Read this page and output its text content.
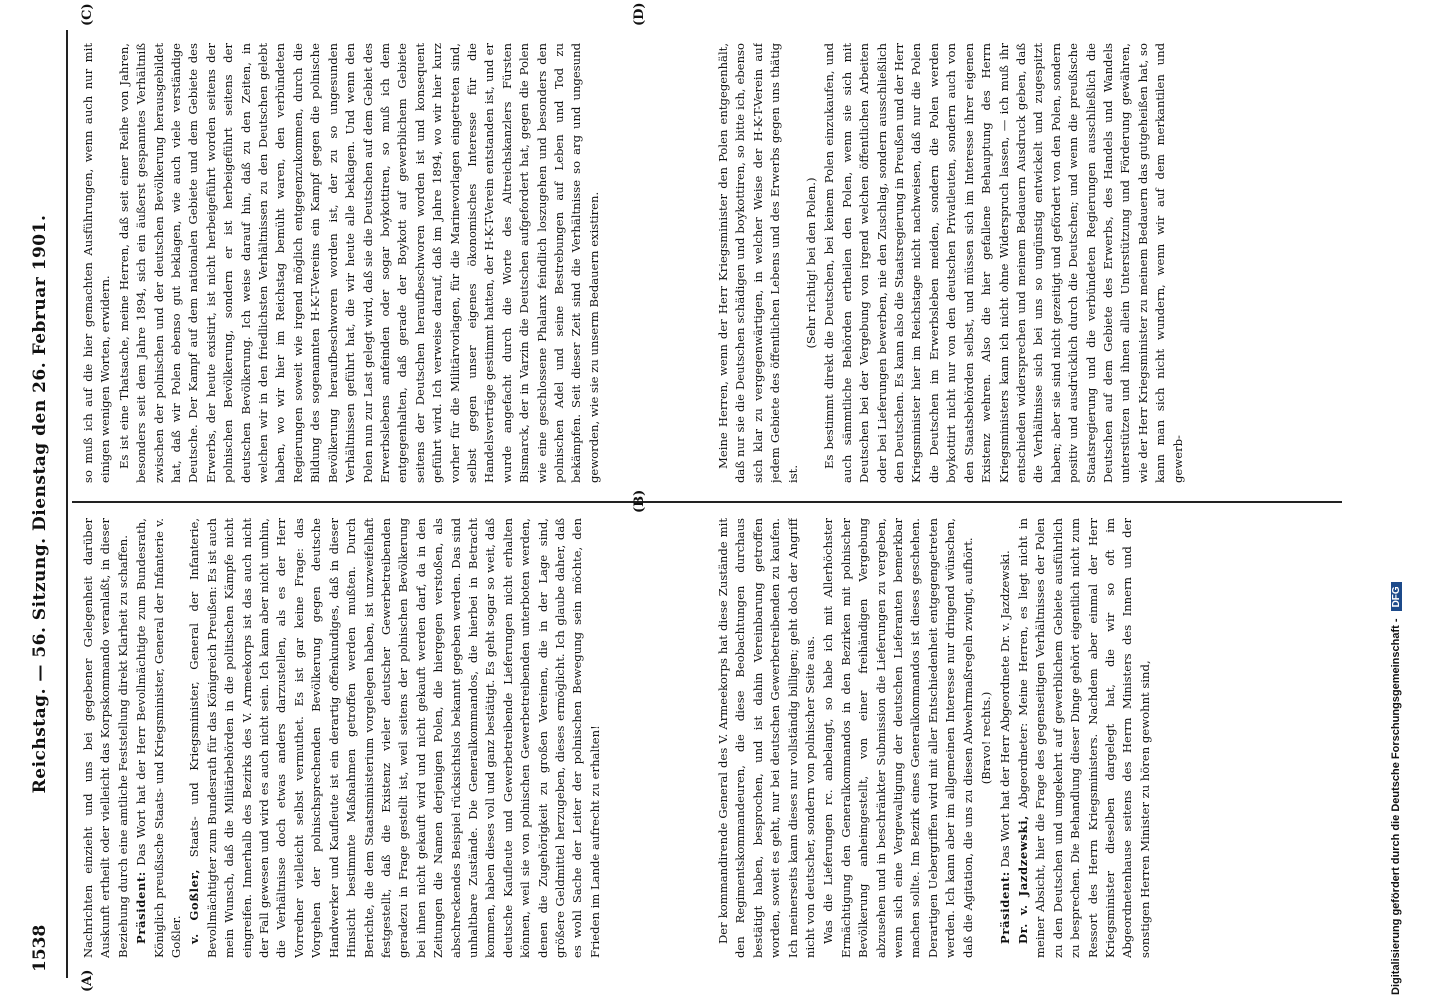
1538
Reichstag. — 56. Sitzung. Dienstag den 26. Februar 1901.
(A)
(B)
(C)	(D)

Nachrichten einzieht und uns bei gegebener Gelegenheit darüber Auskunft ertheilt oder vielleicht das Korpskommando veranlaßt, in dieser Beziehung durch eine amtliche Feststellung direkt Klarheit zu schaffen. Präsident: Das Wort hat der Herr Bevollmächtigte zum Bundesrath, Königlich preußische Staats- und Kriegsminister, General der Infanterie v. Goßler. v. Goßler, Staats- und Kriegsminister, General der Infanterie, Bevollmächtigter zum Bundesrath für das Königreich Preußen: Es ist auch mein Wunsch, daß die Militärbehörden in die politischen Kämpfe nicht eingreifen. Innerhalb des Bezirks des V. Armeekorps ist das auch nicht der Fall gewesen und wird es auch nicht sein. Ich kann aber nicht umhin, die Verhältnisse doch etwas anders darzustellen, als es der Herr Vorredner vielleicht selbst vermuthet. Es ist gar keine Frage: das Vorgehen der polnischsprechenden Bevölkerung gegen deutsche Handwerker und Kaufleute ist ein derartig offenkundiges, daß in dieser Hinsicht bestimmte Maßnahmen getroffen werden mußten. Durch Berichte, die dem Staatsministerium vorgelegen haben, ist unzweifelhaft festgestellt, daß die Existenz vieler deutscher Gewerbetreibenden geradezu in Frage gestellt ist, weil seitens der polnischen Bevölkerung bei ihnen nicht gekauft wird und nicht gekauft werden darf, da in den Zeitungen die Namen derjenigen Polen, die hiergegen verstoßen, als abschreckendes Beispiel rücksichtslos bekannt gegeben werden. Das sind unhaltbare Zustände. Die Generalkommandos, die hierbei in Betracht kommen, haben dieses voll und ganz bestätigt. Es geht sogar so weit, daß deutsche Kaufleute und Gewerbetreibende Lieferungen nicht erhalten können, weil sie von polnischen Gewerbetreibenden unterboten werden, denen die Zugehörigkeit zu großen Vereinen, die in der Lage sind, größere Geldmittel herzugeben, dieses ermöglicht. Ich glaube daher, daß es wohl Sache der Leiter der polnischen Bewegung sein möchte, den Frieden im Lande aufrecht zu erhalten!

so muß ich auf die hier gemachten Ausführungen, wenn auch nur mit einigen wenigen Worten, erwidern. Es ist eine Thatsache, meine Herren, daß seit einer Reihe von Jahren, besonders seit dem Jahre 1894, sich ein äußerst gespanntes Verhältniß zwischen der polnischen und der deutschen Bevölkerung herausgebildet hat, daß wir Polen ebenso gut beklagen, wie auch viele verständige Deutsche. Der Kampf auf dem nationalen Gebiete und dem Gebiete des Erwerbs, der heute existirt, ist nicht herbeigeführt worden seitens der polnischen Bevölkerung, sondern er ist herbeigeführt seitens der deutschen Bevölkerung. Ich weise darauf hin, daß zu den Zeiten, in welchen wir in den friedlichsten Verhältnissen zu den Deutschen gelebt haben, wo wir hier im Reichstag bemüht waren, den verbündeten Regierungen soweit wie irgend möglich entgegenzukommen, durch die Bildung des sogenannten H-K-T-Vereins ein Kampf gegen die polnische Bevölkerung heraufbeschworen worden ist, der zu so ungesunden Verhältnissen geführt hat, die wir heute alle beklagen. Und wenn den Polen nun zur Last gelegt wird, daß sie die Deutschen auf dem Gebiet des Erwerbslebens anfeinden oder sogar boykottiren, so muß ich dem entgegenhalten, daß gerade der Boykott auf gewerblichem Gebiete seitens der Deutschen heraufbeschworen worden ist und konsequent geführt wird. Ich verweise darauf, daß im Jahre 1894, wo wir hier kurz vorher für die Militärvorlagen, für die Marinevorlagen eingetreten sind, selbst gegen unser eigenes ökonomisches Interesse für die Handelsverträge gestimmt hatten, der H-K-T-Verein entstanden ist, und er wurde angefacht durch die Worte des Altreichskanzlers Fürsten Bismarck, der in Varzin die Deutschen aufgefordert hat, gegen die Polen wie eine geschlossene Phalanx feindlich loszugehen und besonders den polnischen Adel und seine Bestrebungen auf Leben und Tod zu bekämpfen. Seit dieser Zeit sind die Verhältnisse so arg und ungesund geworden, wie sie zu unserm Bedauern existiren.

Der kommandirende General des V. Armeekorps hat diese Zustände mit den Regimentskommandeuren, die diese Beobachtungen durchaus bestätigt haben, besprochen, und ist dahin Vereinbarung getroffen worden, soweit es geht, nur bei deutschen Gewerbetreibenden zu kaufen. Ich meinerseits kann dieses nur vollständig billigen; geht doch der Angriff nicht von deutscher, sondern von polnischer Seite aus. Was die Lieferungen rc. anbelangt, so habe ich mit Allerhöchster Ermächtigung den Generalkommandos in den Bezirken mit polnischer Bevölkerung anheimgestellt, von einer freihändigen Vergebung abzusehen und in beschränkter Submission die Lieferungen zu vergeben, wenn sich eine Vergewaltigung der deutschen Lieferanten bemerkbar machen sollte. Im Bezirk eines Generalkommandos ist dieses geschehen. Derartigen Uebergriffen wird mit aller Entschiedenheit entgegengetreten werden. Ich kann aber im allgemeinen Interesse nur dringend wünschen, daß die Agitation, die uns zu diesen Abwehrmaßregeln zwingt, aufhört. (Bravo! rechts.)

Präsident: Das Wort hat der Herr Abgeordnete Dr. v. Jazdzewski.

Dr. v. Jazdzewski, Abgeordneter: Meine Herren, es liegt nicht in meiner Absicht, hier die Frage des gegenseitigen Verhältnisses der Polen zu den Deutschen und umgekehrt auf gewerblichem Gebiete ausführlich zu besprechen. Die Behandlung dieser Dinge gehört eigentlich nicht zum Ressort des Herrn Kriegsministers. Nachdem aber einmal der Herr Kriegsminister dieselben dargelegt hat, die wir so oft im Abgeordnetenhause seitens des Herrn Ministers des Innern und der sonstigen Herren Minister zu hören gewohnt sind,

Meine Herren, wenn der Herr Kriegsminister den Polen entgegenhält, daß nur sie die Deutschen schädigen und boykottiren, so bitte ich, ebenso sich klar zu vergegenwärtigen, in welcher Weise der H-K-T-Verein auf jedem Gebiete des öffentlichen Lebens und des Erwerbs gegen uns thätig ist.

(Sehr richtig! bei den Polen.) Es bestimmt direkt die Deutschen, bei keinem Polen einzukaufen, und auch sämmtliche Behörden ertheilen den Polen, wenn sie sich mit Deutschen bei der Vergebung von irgend welchen öffentlichen Arbeiten oder bei Lieferungen bewerben, nie den Zuschlag, sondern ausschließlich den Deutschen. Es kann also die Staatsregierung in Preußen und der Herr Kriegsminister hier im Reichstage nicht nachweisen, daß nur die Polen die Deutschen im Erwerbsleben meiden, sondern die Polen werden boykottirt nicht nur von den deutschen Privatleuten, sondern auch von den Staatsbehörden selbst, und müssen sich im Interesse ihrer eigenen Existenz wehren. Also die hier gefallene Behauptung des Herrn Kriegsministers kann ich nicht ohne Widerspruch lassen, — ich muß ihr entschieden widersprechen und meinem Bedauern Ausdruck geben, daß die Verhältnisse sich bei uns so ungünstig entwickelt und zugespitzt haben; aber sie sind nicht gezeitigt und gefördert von den Polen, sondern positiv und ausdrücklich durch die Deutschen; und wenn die preußische Staatsregierung und die verbündeten Regierungen ausschließlich die Deutschen auf dem Gebiete des Erwerbs, des Handels und Wandels unterstützen und ihnen allein Unterstützung und Förderung gewähren, wie der Herr Kriegsminister zu meinem Bedauern das gutgeheißen hat, so kann man sich nicht wundern, wenn wir auf dem merkantilen und gewerb-

Digitalisierung gefördert durch die Deutsche Forschungsgemeinschaft - DFG
